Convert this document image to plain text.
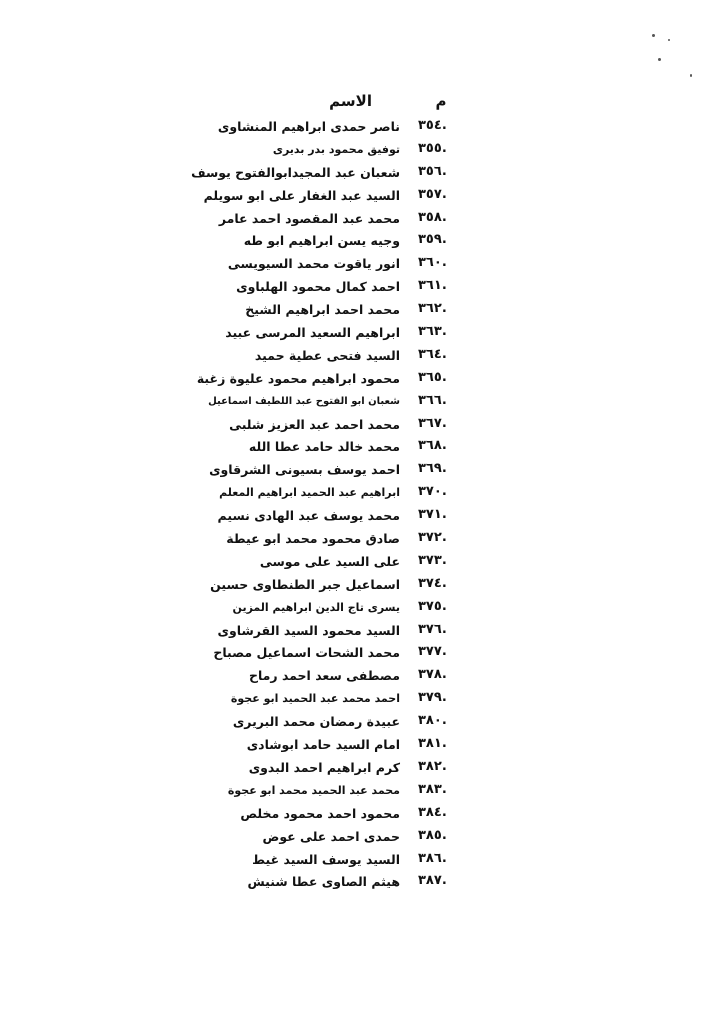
م
الاسم
.٣٥٤
ناصر حمدى ابراهيم المنشاوى
.٣٥٥
توفيق محمود بدر بديرى
.٣٥٦
شعبان عبد المجيدابوالفتوح يوسف
.٣٥٧
السيد عبد الغفار على ابو سويلم
.٣٥٨
محمد عبد المقصود احمد عامر
.٣٥٩
وجيه يسن ابراهيم ابو طه
.٣٦٠
انور ياقوت محمد السيويسى
.٣٦١
احمد كمال محمود الهلباوى
.٣٦٢
محمد احمد ابراهيم الشيخ
.٣٦٣
ابراهيم السعيد المرسى عبيد
.٣٦٤
السيد فتحى عطية حميد
.٣٦٥
محمود ابراهيم محمود عليوة زغبة
.٣٦٦
شعبان ابو الفتوح عبد اللطيف اسماعيل
.٣٦٧
محمد احمد عبد العزيز شلبى
.٣٦٨
محمد خالد حامد عطا الله
.٣٦٩
احمد يوسف بسيونى الشرقاوى
.٣٧٠
ابراهيم عبد الحميد ابراهيم المعلم
.٣٧١
محمد يوسف عبد الهادى نسيم
.٣٧٢
صادق محمود محمد ابو عيطة
.٣٧٣
على السيد على موسى
.٣٧٤
اسماعيل جبر الطنطاوى حسين
.٣٧٥
يسرى تاج الدين ابراهيم المزين
.٣٧٦
السيد محمود السيد القرشاوى
.٣٧٧
محمد الشحات اسماعيل مصباح
.٣٧٨
مصطفى سعد احمد رماح
.٣٧٩
احمد محمد عبد الحميد ابو عجوة
.٣٨٠
عبيدة رمضان محمد البريرى
.٣٨١
امام السيد حامد ابوشادى
.٣٨٢
كرم ابراهيم احمد البدوى
.٣٨٣
محمد عبد الحميد محمد ابو عجوة
.٣٨٤
محمود احمد محمود مخلص
.٣٨٥
حمدى احمد على عوض
.٣٨٦
السيد يوسف السيد غيط
.٣٨٧
هيثم الصاوى عطا شنيش
